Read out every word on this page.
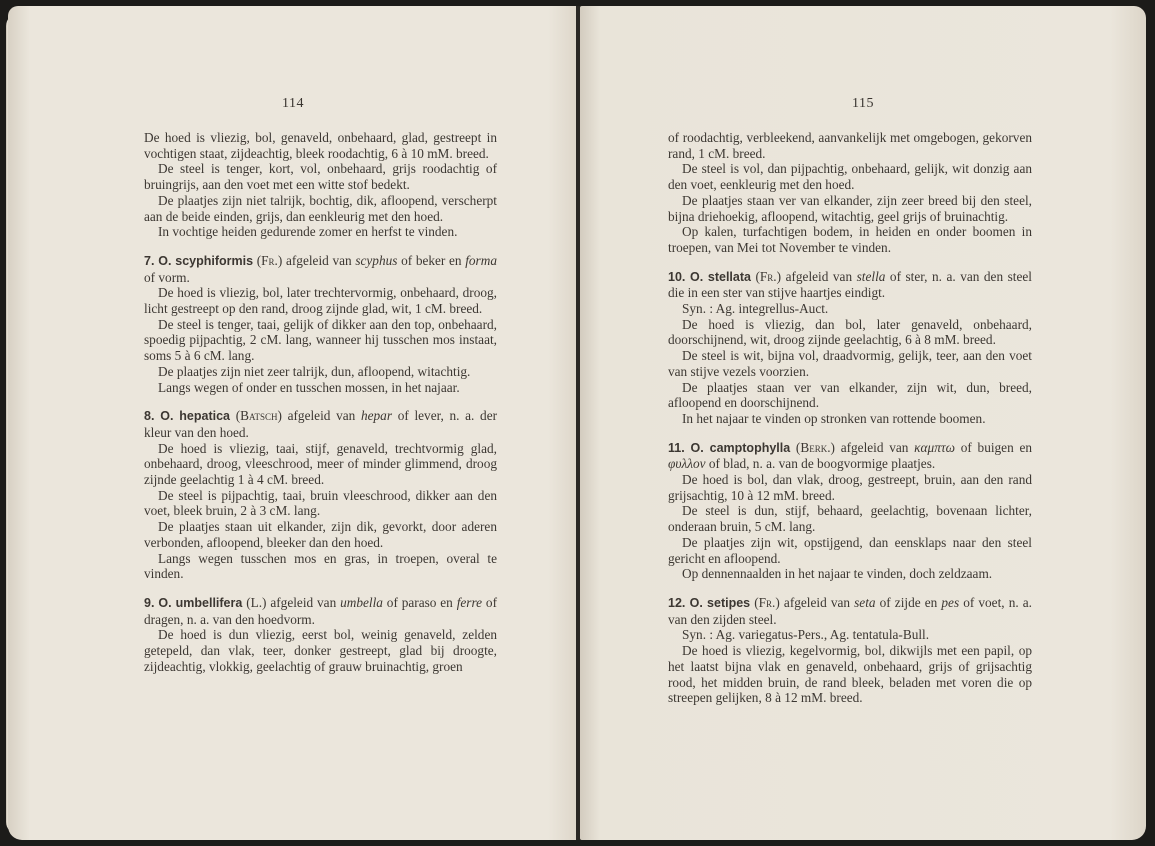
114

De hoed is vliezig, bol, genaveld, onbehaard, glad, gestreept in vochtigen staat, zijdeachtig, bleek roodachtig, 6 à 10 mM. breed.

De steel is tenger, kort, vol, onbehaard, grijs roodachtig of bruingrijs, aan den voet met een witte stof bedekt.

De plaatjes zijn niet talrijk, bochtig, dik, afloopend, verscherpt aan de beide einden, grijs, dan eenkleurig met den hoed.

In vochtige heiden gedurende zomer en herfst te vinden.

7. O. scyphiformis (Fr.) afgeleid van scyphus of beker en forma of vorm.

De hoed is vliezig, bol, later trechtervormig, onbehaard, droog, licht gestreept op den rand, droog zijnde glad, wit, 1 cM. breed.

De steel is tenger, taai, gelijk of dikker aan den top, onbehaard, spoedig pijpachtig, 2 cM. lang, wanneer hij tusschen mos instaat, soms 5 à 6 cM. lang.

De plaatjes zijn niet zeer talrijk, dun, afloopend, witachtig.

Langs wegen of onder en tusschen mossen, in het najaar.

8. O. hepatica (Batsch) afgeleid van hepar of lever, n. a. der kleur van den hoed.

De hoed is vliezig, taai, stijf, genaveld, trechtvormig glad, onbehaard, droog, vleeschrood, meer of minder glimmend, droog zijnde geelachtig 1 à 4 cM. breed.

De steel is pijpachtig, taai, bruin vleeschrood, dikker aan den voet, bleek bruin, 2 à 3 cM. lang.

De plaatjes staan uit elkander, zijn dik, gevorkt, door aderen verbonden, afloopend, bleeker dan den hoed.

Langs wegen tusschen mos en gras, in troepen, overal te vinden.

9. O. umbellifera (L.) afgeleid van umbella of paraso en ferre of dragen, n. a. van den hoedvorm.

De hoed is dun vliezig, eerst bol, weinig genaveld, zelden getepeld, dan vlak, teer, donker gestreept, glad bij droogte, zijdeachtig, vlokkig, geelachtig of grauw bruinachtig, groen

115

of roodachtig, verbleekend, aanvankelijk met omgebogen, gekorven rand, 1 cM. breed.

De steel is vol, dan pijpachtig, onbehaard, gelijk, wit donzig aan den voet, eenkleurig met den hoed.

De plaatjes staan ver van elkander, zijn zeer breed bij den steel, bijna driehoekig, afloopend, witachtig, geel grijs of bruinachtig.

Op kalen, turfachtigen bodem, in heiden en onder boomen in troepen, van Mei tot November te vinden.

10. O. stellata (Fr.) afgeleid van stella of ster, n. a. van den steel die in een ster van stijve haartjes eindigt.

Syn. : Ag. integrellus-Auct.

De hoed is vliezig, dan bol, later genaveld, onbehaard, doorschijnend, wit, droog zijnde geelachtig, 6 à 8 mM. breed.

De steel is wit, bijna vol, draadvormig, gelijk, teer, aan den voet van stijve vezels voorzien.

De plaatjes staan ver van elkander, zijn wit, dun, breed, afloopend en doorschijnend.

In het najaar te vinden op stronken van rottende boomen.

11. O. camptophylla (Berk.) afgeleid van καμπτω of buigen en φυλλον of blad, n. a. van de boogvormige plaatjes.

De hoed is bol, dan vlak, droog, gestreept, bruin, aan den rand grijsachtig, 10 à 12 mM. breed.

De steel is dun, stijf, behaard, geelachtig, bovenaan lichter, onderaan bruin, 5 cM. lang.

De plaatjes zijn wit, opstijgend, dan eensklaps naar den steel gericht en afloopend.

Op dennennaalden in het najaar te vinden, doch zeldzaam.

12. O. setipes (Fr.) afgeleid van seta of zijde en pes of voet, n. a. van den zijden steel.

Syn. : Ag. variegatus-Pers., Ag. tentatula-Bull.

De hoed is vliezig, kegelvormig, bol, dikwijls met een papil, op het laatst bijna vlak en genaveld, onbehaard, grijs of grijsachtig rood, het midden bruin, de rand bleek, beladen met voren die op streepen gelijken, 8 à 12 mM. breed.
